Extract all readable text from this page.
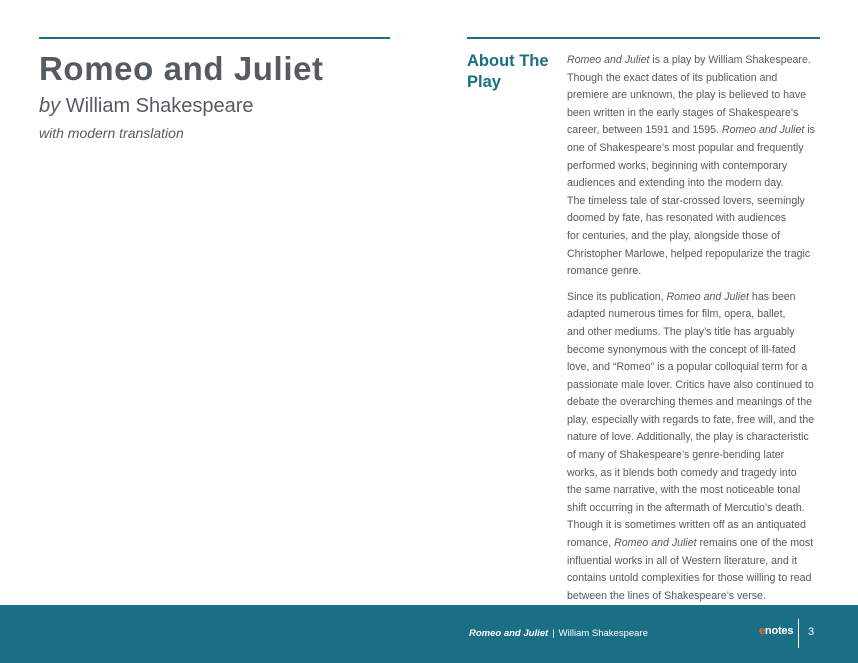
Romeo and Juliet
by William Shakespeare
with modern translation
About The Play

Romeo and Juliet is a play by William Shakespeare.
Though the exact dates of its publication and
premiere are unknown, the play is believed to have
been written in the early stages of Shakespeare’s
career, between 1591 and 1595. Romeo and Juliet is
one of Shakespeare’s most popular and frequently
performed works, beginning with contemporary
audiences and extending into the modern day.
The timeless tale of star-crossed lovers, seemingly
doomed by fate, has resonated with audiences
for centuries, and the play, alongside those of
Christopher Marlowe, helped repopularize the tragic
romance genre.

Since its publication, Romeo and Juliet has been
adapted numerous times for film, opera, ballet,
and other mediums. The play’s title has arguably
become synonymous with the concept of ill-fated
love, and “Romeo” is a popular colloquial term for a
passionate male lover. Critics have also continued to
debate the overarching themes and meanings of the
play, especially with regards to fate, free will, and the
nature of love. Additionally, the play is characteristic
of many of Shakespeare’s genre-bending later
works, as it blends both comedy and tragedy into
the same narrative, with the most noticeable tonal
shift occurring in the aftermath of Mercutio’s death.
Though it is sometimes written off as an antiquated
romance, Romeo and Juliet remains one of the most
influential works in all of Western literature, and it
contains untold complexities for those willing to read
between the lines of Shakespeare’s verse.

Romeo and Juliet | William Shakespeare	enotes 3
